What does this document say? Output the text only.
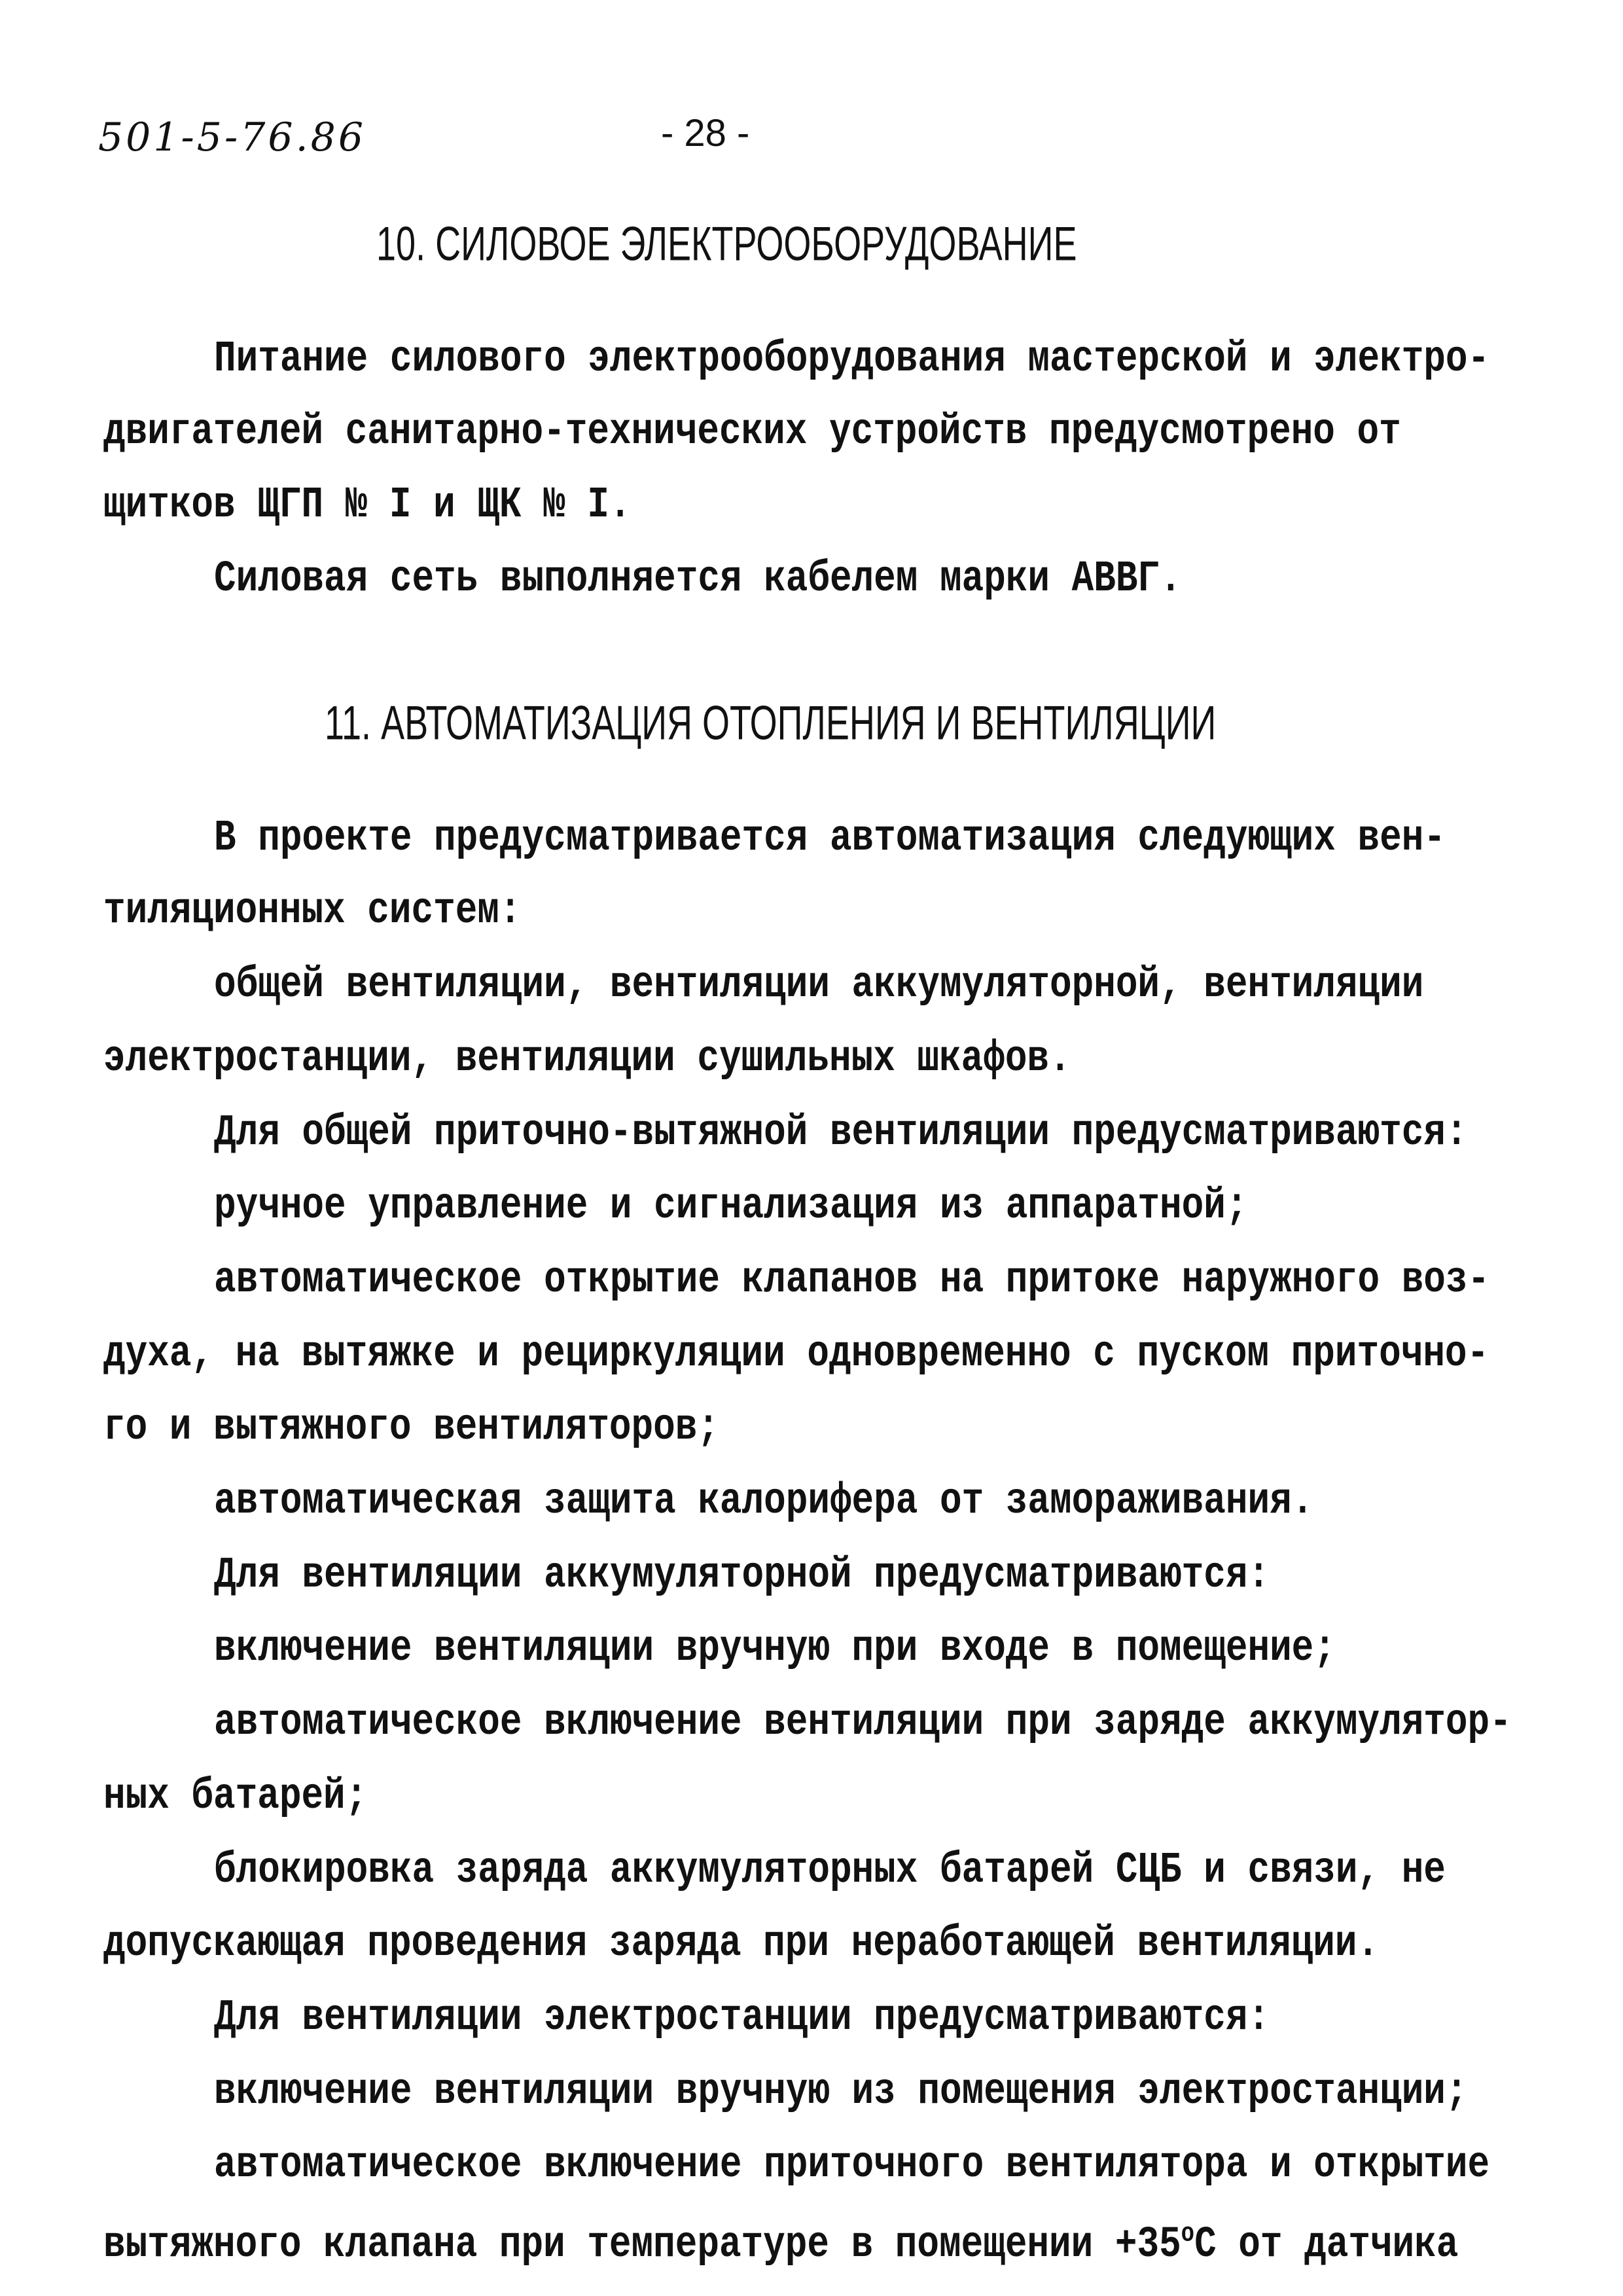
501-5-76.86	- 28 -
10. СИЛОВОЕ ЭЛЕКТРООБОРУДОВАНИЕ
Питание силового электрооборудования мастерской и электро-
двигателей санитарно-технических устройств предусмотрено от
щитков ЩГП № I и ЩК № I.
Силовая сеть выполняется кабелем марки АВВГ.
11. АВТОМАТИЗАЦИЯ ОТОПЛЕНИЯ И ВЕНТИЛЯЦИИ
В проекте предусматривается автоматизация следующих вен-
тиляционных систем:
общей вентиляции, вентиляции аккумуляторной, вентиляции
электростанции, вентиляции сушильных шкафов.
Для общей приточно-вытяжной вентиляции предусматриваются:
ручное управление и сигнализация из аппаратной;
автоматическое открытие клапанов на притоке наружного воз-
духа, на вытяжке и рециркуляции одновременно с пуском приточно-
го и вытяжного вентиляторов;
автоматическая защита калорифера от замораживания.
Для вентиляции аккумуляторной предусматриваются:
включение вентиляции вручную при входе в помещение;
автоматическое включение вентиляции при заряде аккумулятор-
ных батарей;
блокировка заряда аккумуляторных батарей СЦБ и связи, не
допускающая проведения заряда при неработающей вентиляции.
Для вентиляции электростанции предусматриваются:
включение вентиляции вручную из помещения электростанции;
автоматическое включение приточного вентилятора и открытие
вытяжного клапана при температуре в помещении $+35^оС$ от датчика
